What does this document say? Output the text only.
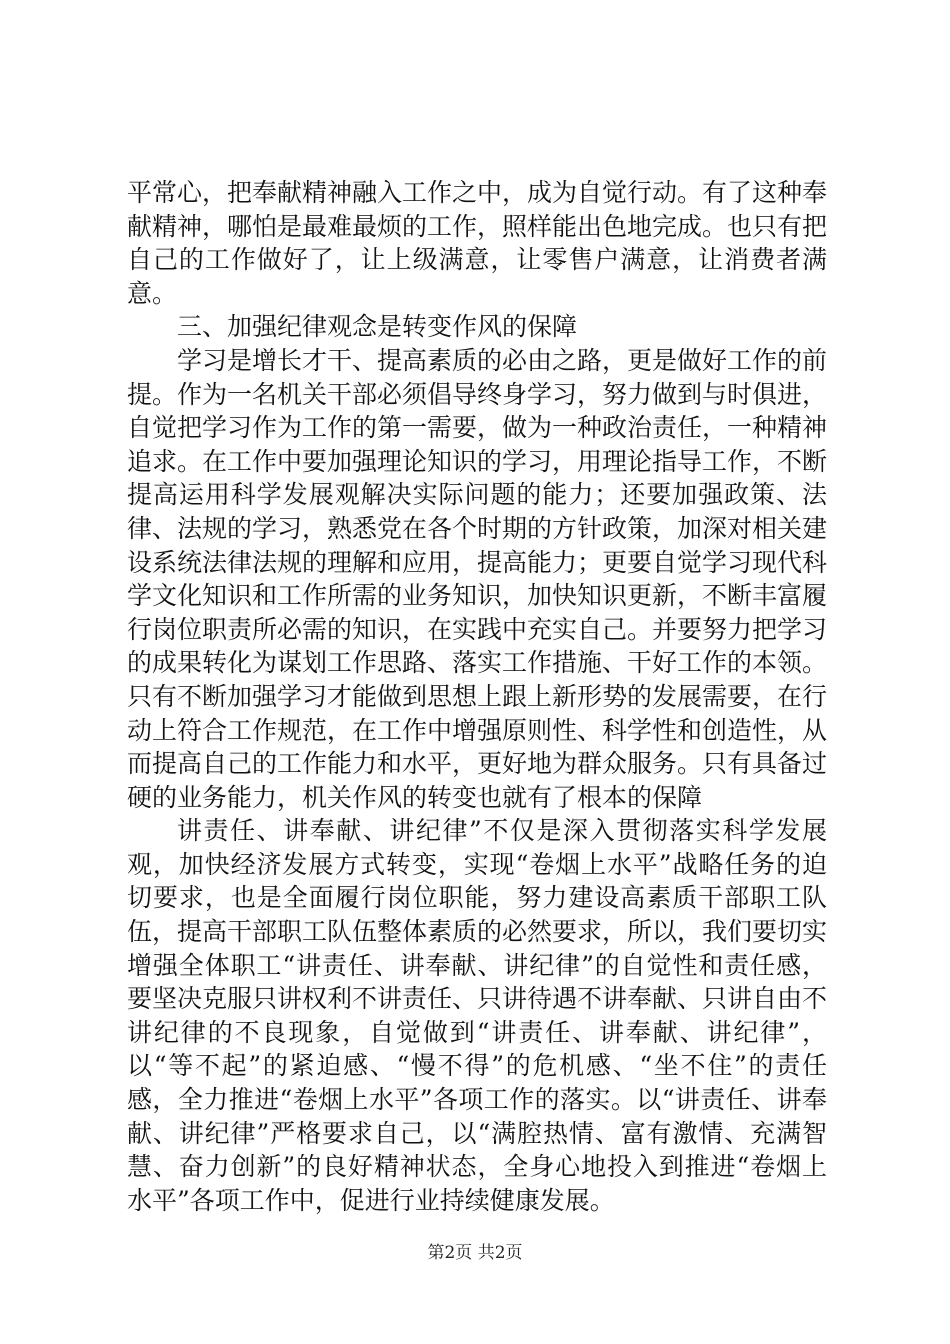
平常心，把奉献精神融入工作之中，成为自觉行动。有了这种奉献精神，哪怕是最难最烦的工作，照样能出色地完成。也只有把自己的工作做好了，让上级满意，让零售户满意，让消费者满意。

三、加强纪律观念是转变作风的保障

学习是增长才干、提高素质的必由之路，更是做好工作的前提。作为一名机关干部必须倡导终身学习，努力做到与时俱进，自觉把学习作为工作的第一需要，做为一种政治责任，一种精神追求。在工作中要加强理论知识的学习，用理论指导工作，不断提高运用科学发展观解决实际问题的能力；还要加强政策、法律、法规的学习，熟悉党在各个时期的方针政策，加深对相关建设系统法律法规的理解和应用，提高能力；更要自觉学习现代科学文化知识和工作所需的业务知识，加快知识更新，不断丰富履行岗位职责所必需的知识，在实践中充实自己。并要努力把学习的成果转化为谋划工作思路、落实工作措施、干好工作的本领。只有不断加强学习才能做到思想上跟上新形势的发展需要，在行动上符合工作规范，在工作中增强原则性、科学性和创造性，从而提高自己的工作能力和水平，更好地为群众服务。只有具备过硬的业务能力，机关作风的转变也就有了根本的保障

讲责任、讲奉献、讲纪律”不仅是深入贯彻落实科学发展观，加快经济发展方式转变，实现“卷烟上水平”战略任务的迫切要求，也是全面履行岗位职能，努力建设高素质干部职工队伍，提高干部职工队伍整体素质的必然要求，所以，我们要切实增强全体职工“讲责任、讲奉献、讲纪律”的自觉性和责任感，要坚决克服只讲权利不讲责任、只讲待遇不讲奉献、只讲自由不讲纪律的不良现象，自觉做到“讲责任、讲奉献、讲纪律”，以“等不起”的紧迫感、“慢不得”的危机感、“坐不住”的责任感，全力推进“卷烟上水平”各项工作的落实。以“讲责任、讲奉献、讲纪律”严格要求自己，以“满腔热情、富有激情、充满智慧、奋力创新”的良好精神状态，全身心地投入到推进“卷烟上水平”各项工作中，促进行业持续健康发展。

第2页 共2页
